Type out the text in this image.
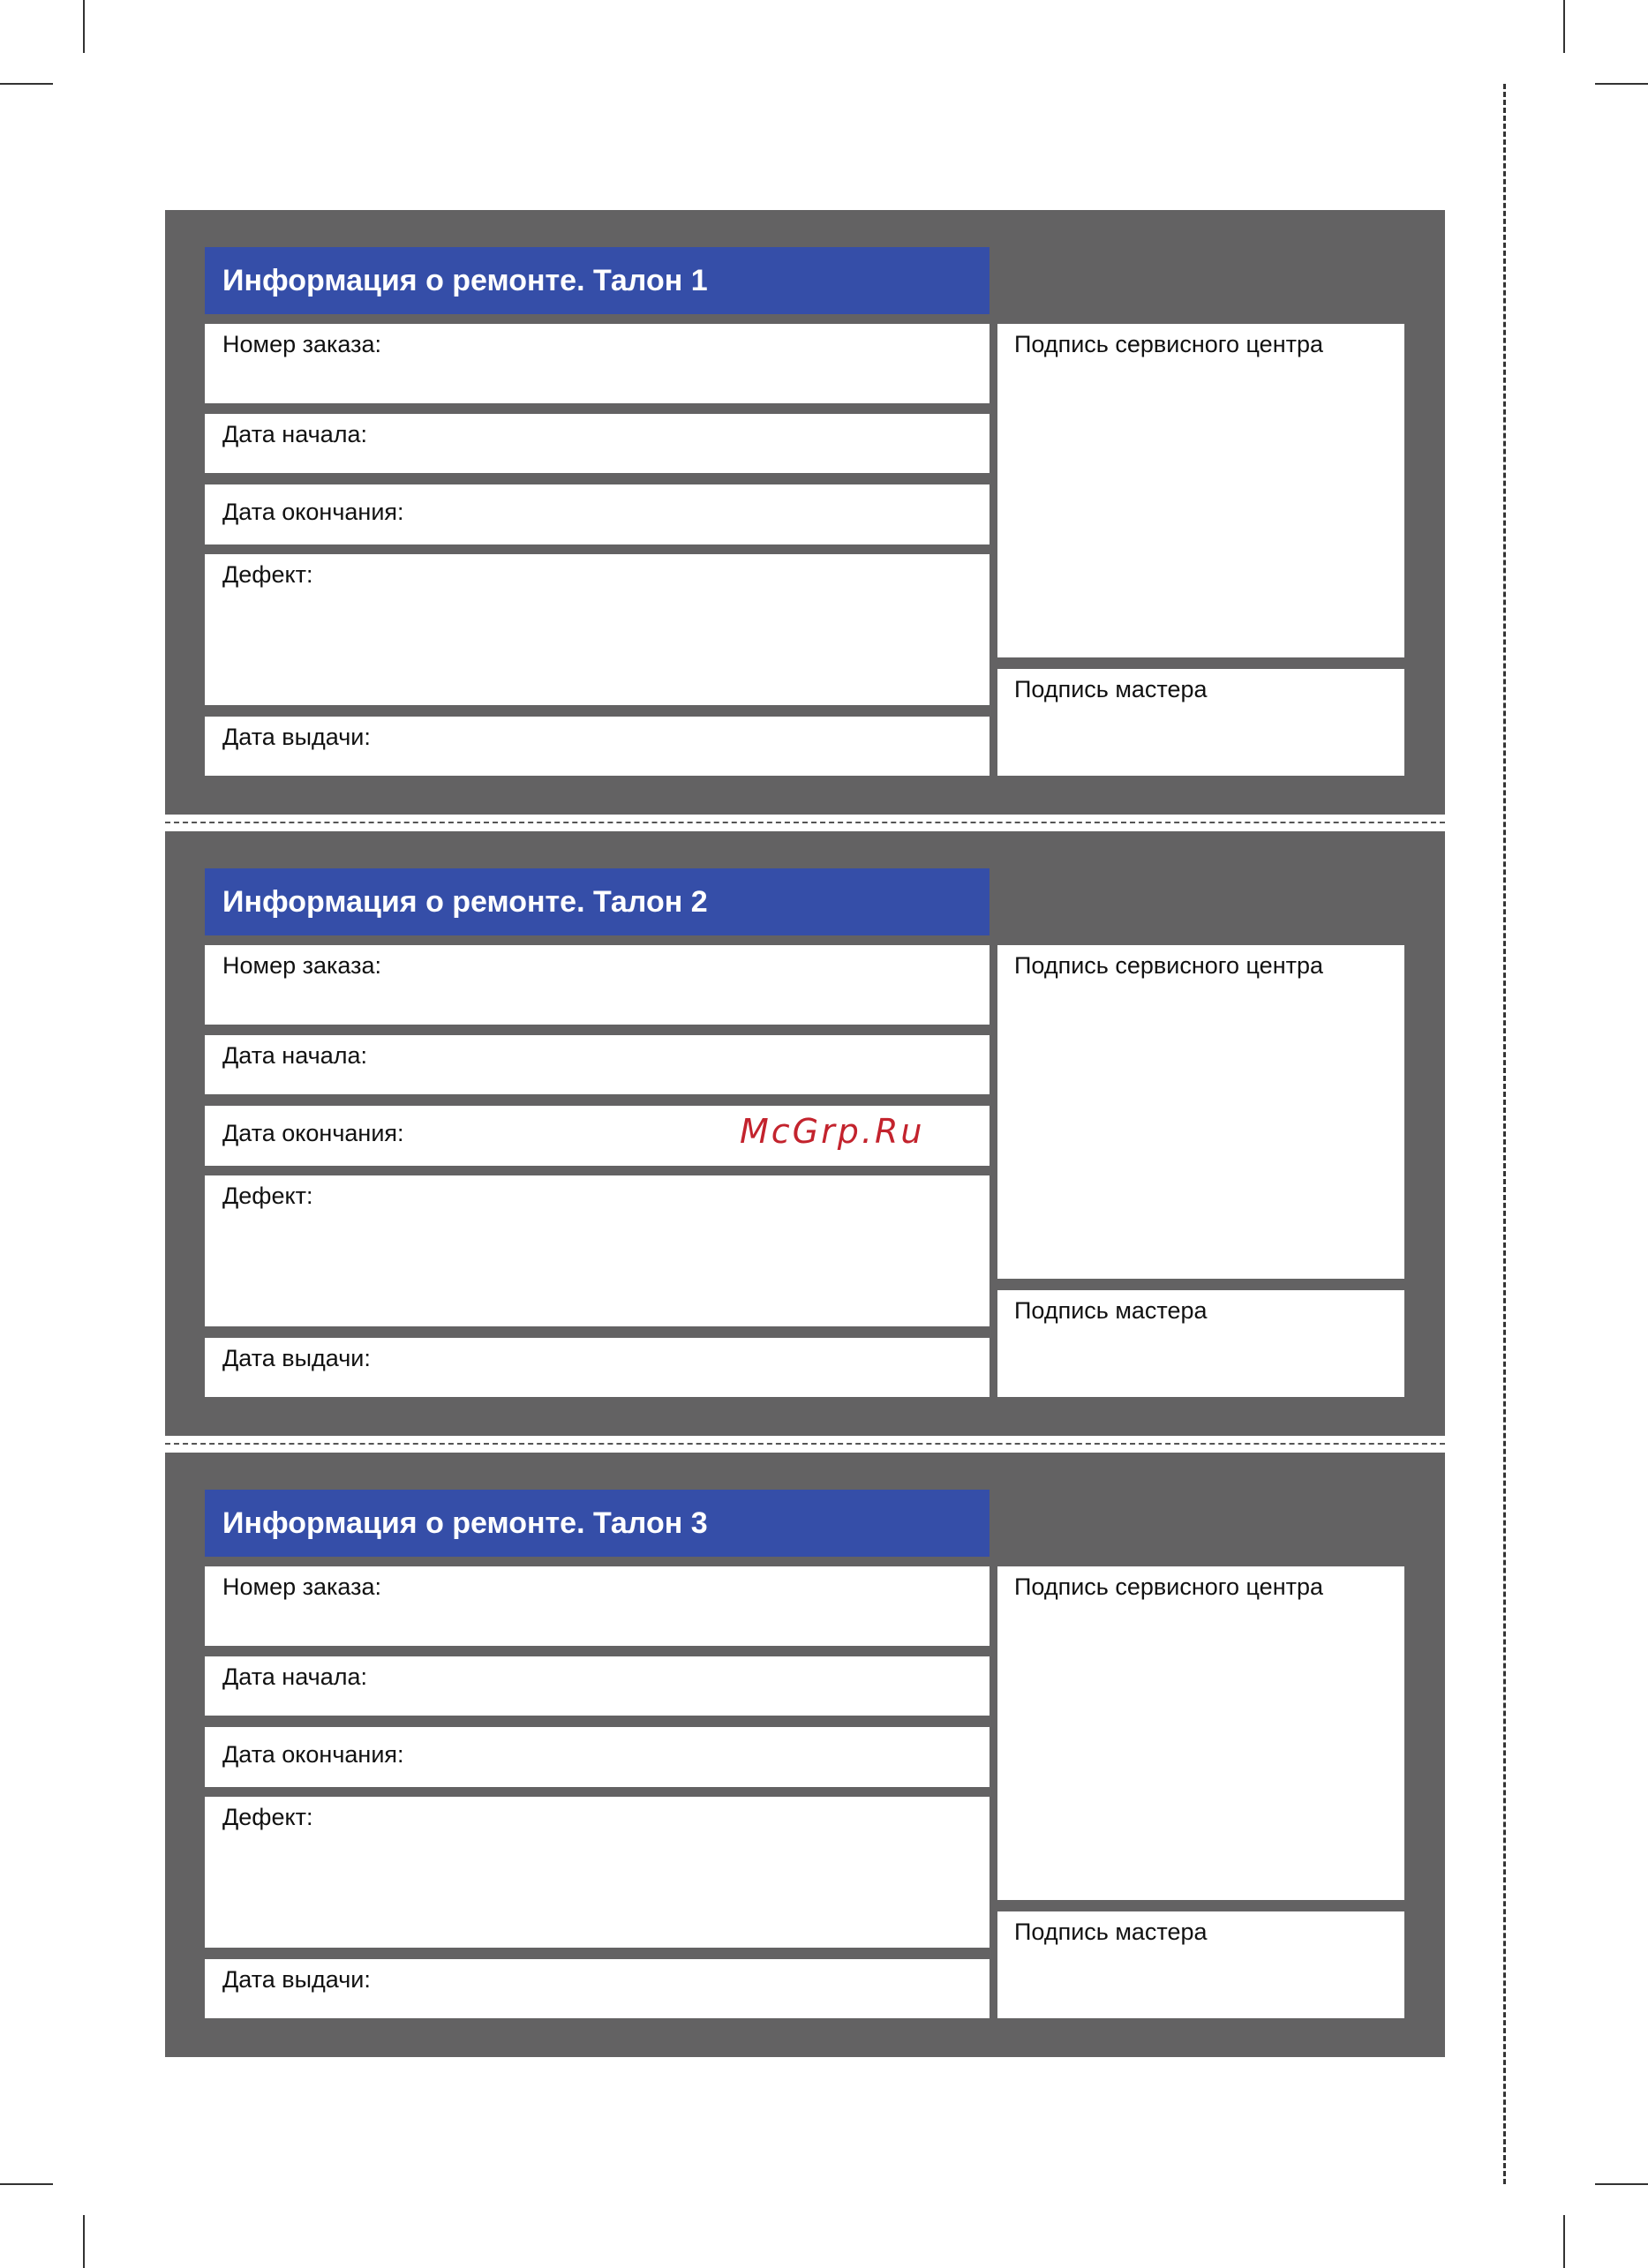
Информация о ремонте. Талон 1
Номер заказа:
Дата начала:
Дата окончания:
Дефект:
Дата выдачи:
Подпись сервисного центра
Подпись мастера
Информация о ремонте. Талон 2
Номер заказа:
Дата начала:
Дата окончания:
Дефект:
Дата выдачи:
Подпись сервисного центра
Подпись мастера
Информация о ремонте. Талон 3
Номер заказа:
Дата начала:
Дата окончания:
Дефект:
Дата выдачи:
Подпись сервисного центра
Подпись мастера
McGrp.Ru
